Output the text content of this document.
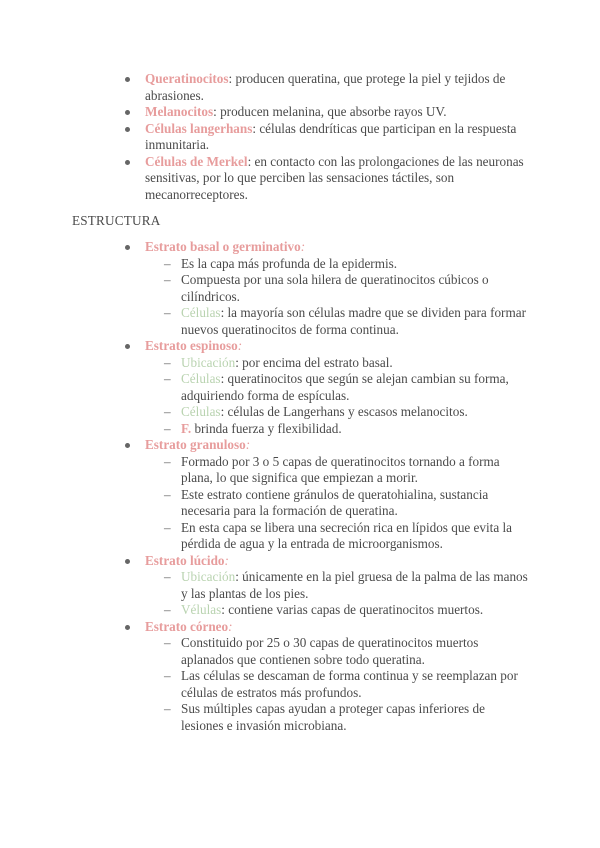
Queratinocitos: producen queratina, que protege la piel y tejidos de abrasiones.
Melanocitos: producen melanina, que absorbe rayos UV.
Células langerhans: células dendríticas que participan en la respuesta inmunitaria.
Células de Merkel: en contacto con las prolongaciones de las neuronas sensitivas, por lo que perciben las sensaciones táctiles, son mecanorreceptores.
ESTRUCTURA
Estrato basal o germinativo:
– Es la capa más profunda de la epidermis.
– Compuesta por una sola hilera de queratinocitos cúbicos o cilíndricos.
– Células: la mayoría son células madre que se dividen para formar nuevos queratinocitos de forma continua.
Estrato espinoso:
– Ubicación: por encima del estrato basal.
– Células: queratinocitos que según se alejan cambian su forma, adquiriendo forma de espículas.
– Células: células de Langerhans y escasos melanocitos.
– F. brinda fuerza y flexibilidad.
Estrato granuloso:
– Formado por 3 o 5 capas de queratinocitos tornando a forma plana, lo que significa que empiezan a morir.
– Este estrato contiene gránulos de queratohialina, sustancia necesaria para la formación de queratina.
– En esta capa se libera una secreción rica en lípidos que evita la pérdida de agua y la entrada de microorganismos.
Estrato lúcido:
– Ubicación: únicamente en la piel gruesa de la palma de las manos y las plantas de los pies.
– Vélulas: contiene varias capas de queratinocitos muertos.
Estrato córneo:
– Constituido por 25 o 30 capas de queratinocitos muertos aplanados que contienen sobre todo queratina.
– Las células se descaman de forma continua y se reemplazan por células de estratos más profundos.
– Sus múltiples capas ayudan a proteger capas inferiores de lesiones e invasión microbiana.
